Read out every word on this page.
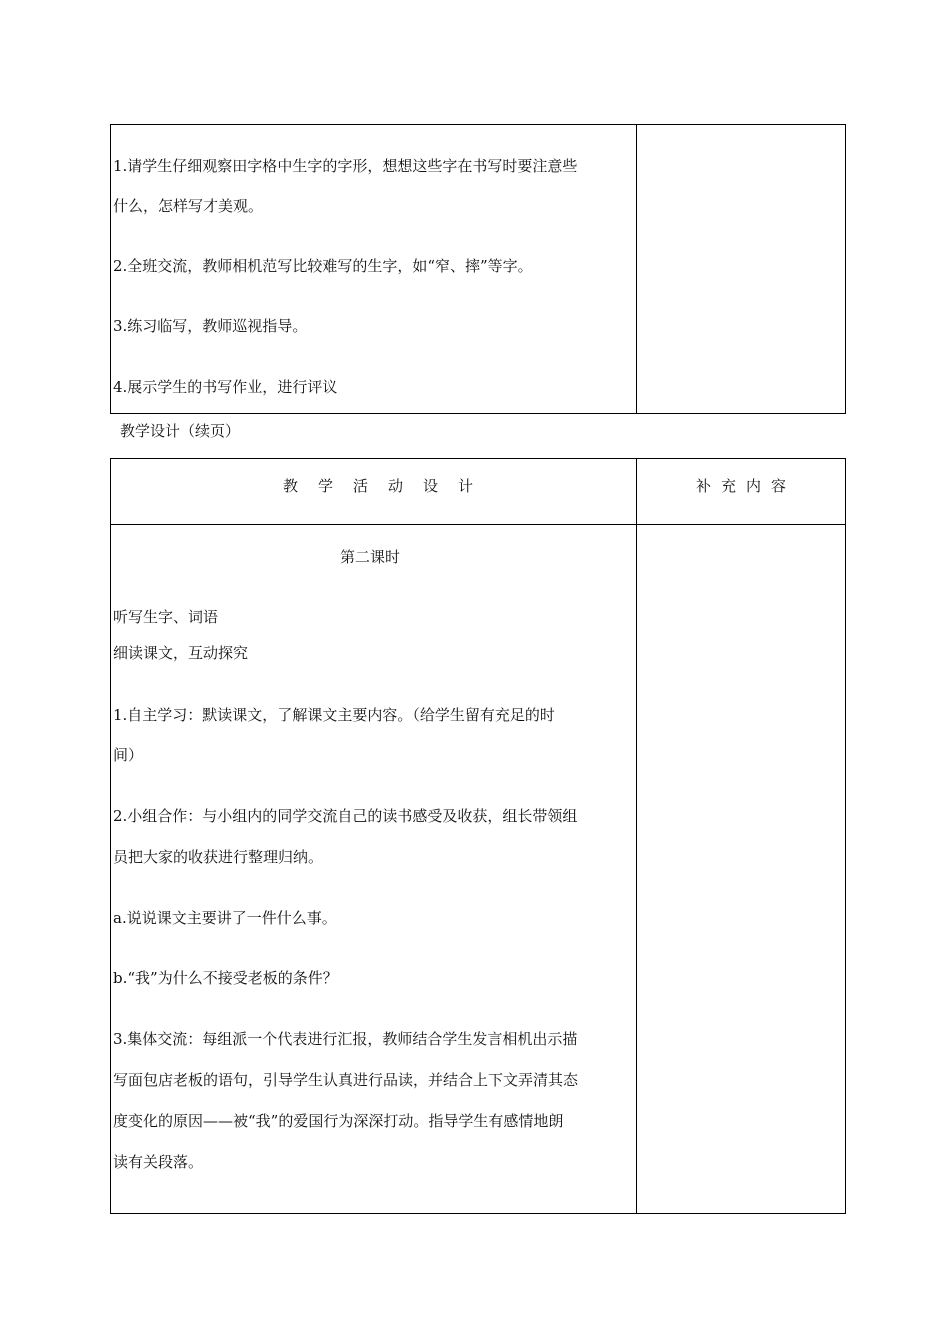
1.请学生仔细观察田字格中生字的字形，想想这些字在书写时要注意些
什么，怎样写才美观。
2.全班交流，教师相机范写比较难写的生字，如“窄、摔”等字。
3.练习临写，教师巡视指导。
4.展示学生的书写作业，进行评议
教学设计（续页）
教学活动设计	补充内容
第二课时
听写生字、词语
细读课文，互动探究
1.自主学习：默读课文，了解课文主要内容。（给学生留有充足的时
间）
2.小组合作：与小组内的同学交流自己的读书感受及收获，组长带领组
员把大家的收获进行整理归纳。
a.说说课文主要讲了一件什么事。
b.“我”为什么不接受老板的条件？
3.集体交流：每组派一个代表进行汇报，教师结合学生发言相机出示描
写面包店老板的语句，引导学生认真进行品读，并结合上下文弄清其态
度变化的原因——被“我”的爱国行为深深打动。指导学生有感情地朗
读有关段落。
